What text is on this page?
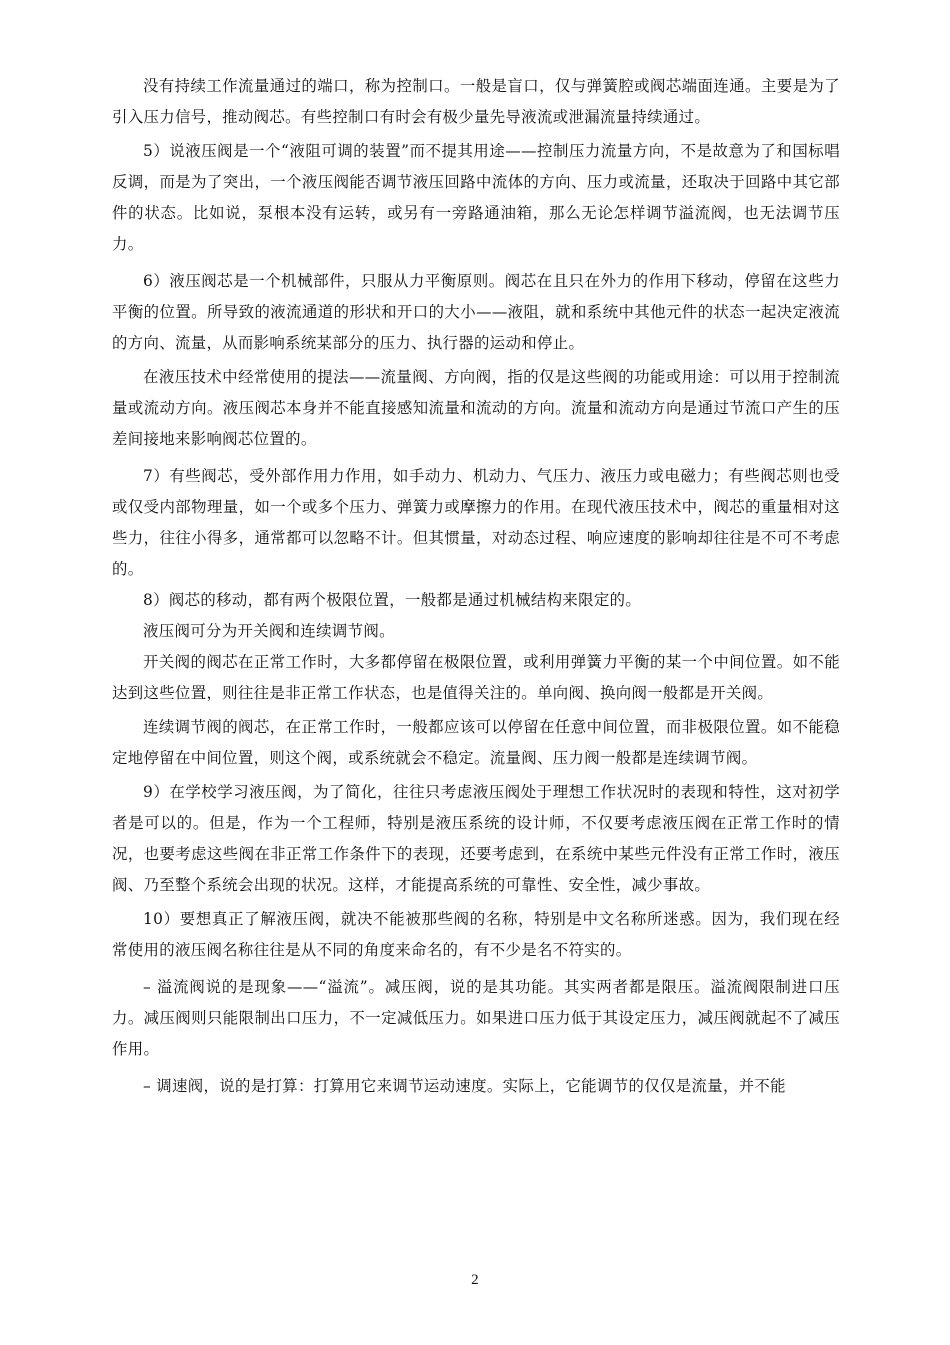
没有持续工作流量通过的端口，称为控制口。一般是盲口，仅与弹簧腔或阀芯端面连通。主要是为了引入压力信号，推动阀芯。有些控制口有时会有极少量先导液流或泄漏流量持续通过。

5）说液压阀是一个“液阻可调的装置”而不提其用途——控制压力流量方向，不是故意为了和国标唱反调，而是为了突出，一个液压阀能否调节液压回路中流体的方向、压力或流量，还取决于回路中其它部件的状态。比如说，泵根本没有运转，或另有一旁路通油箱，那么无论怎样调节溢流阀，也无法调节压力。

6）液压阀芯是一个机械部件，只服从力平衡原则。阀芯在且只在外力的作用下移动，停留在这些力平衡的位置。所导致的液流通道的形状和开口的大小——液阻，就和系统中其他元件的状态一起决定液流的方向、流量，从而影响系统某部分的压力、执行器的运动和停止。

在液压技术中经常使用的提法——流量阀、方向阀，指的仅是这些阀的功能或用途：可以用于控制流量或流动方向。液压阀芯本身并不能直接感知流量和流动的方向。流量和流动方向是通过节流口产生的压差间接地来影响阀芯位置的。

7）有些阀芯，受外部作用力作用，如手动力、机动力、气压力、液压力或电磁力；有些阀芯则也受或仅受内部物理量，如一个或多个压力、弹簧力或摩擦力的作用。在现代液压技术中，阀芯的重量相对这些力，往往小得多，通常都可以忽略不计。但其惯量，对动态过程、响应速度的影响却往往是不可不考虑的。

8）阀芯的移动，都有两个极限位置，一般都是通过机械结构来限定的。

液压阀可分为开关阀和连续调节阀。

开关阀的阀芯在正常工作时，大多都停留在极限位置，或利用弹簧力平衡的某一个中间位置。如不能达到这些位置，则往往是非正常工作状态，也是值得关注的。单向阀、换向阀一般都是开关阀。

连续调节阀的阀芯，在正常工作时，一般都应该可以停留在任意中间位置，而非极限位置。如不能稳定地停留在中间位置，则这个阀，或系统就会不稳定。流量阀、压力阀一般都是连续调节阀。

9）在学校学习液压阀，为了简化，往往只考虑液压阀处于理想工作状况时的表现和特性，这对初学者是可以的。但是，作为一个工程师，特别是液压系统的设计师，不仅要考虑液压阀在正常工作时的情况，也要考虑这些阀在非正常工作条件下的表现，还要考虑到，在系统中某些元件没有正常工作时，液压阀、乃至整个系统会出现的状况。这样，才能提高系统的可靠性、安全性，减少事故。

10）要想真正了解液压阀，就决不能被那些阀的名称，特别是中文名称所迷惑。因为，我们现在经常使用的液压阀名称往往是从不同的角度来命名的，有不少是名不符实的。

– 溢流阀说的是现象——“溢流”。减压阀，说的是其功能。其实两者都是限压。溢流阀限制进口压力。减压阀则只能限制出口压力，不一定减低压力。如果进口压力低于其设定压力，减压阀就起不了减压作用。

– 调速阀，说的是打算：打算用它来调节运动速度。实际上，它能调节的仅仅是流量，并不能

2
